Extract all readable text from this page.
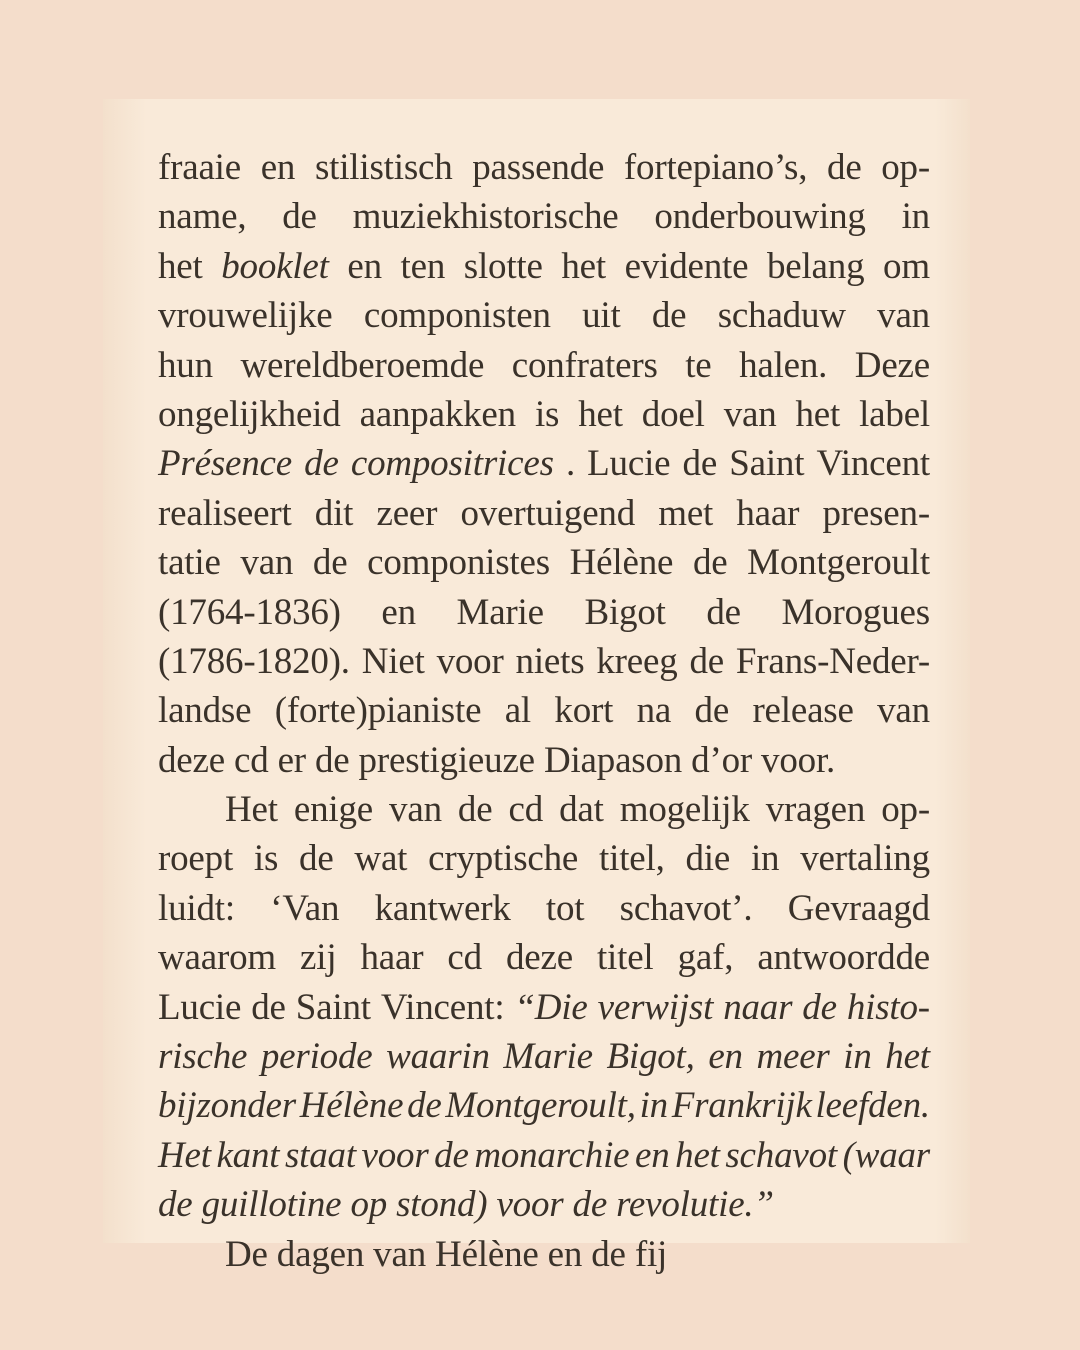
fraaie en stilistisch passende fortepiano’s, de op-
name, de muziekhistorische onderbouwing in
het booklet en ten slotte het evidente belang om
vrouwelijke componisten uit de schaduw van
hun wereldberoemde confraters te halen. Deze
ongelijkheid aanpakken is het doel van het label
Présence de compositrices . Lucie de Saint Vincent
realiseert dit zeer overtuigend met haar presen-
tatie van de componistes Hélène de Montgeroult
(1764-1836) en Marie Bigot de Morogues
(1786-1820). Niet voor niets kreeg de Frans-Neder-
landse (forte)pianiste al kort na de release van
deze cd er de prestigieuze Diapason d’or voor.
Het enige van de cd dat mogelijk vragen op-
roept is de wat cryptische titel, die in vertaling
luidt: ‘Van kantwerk tot schavot’. Gevraagd
waarom zij haar cd deze titel gaf, antwoordde
Lucie de Saint Vincent: “Die verwijst naar de histo-
rische periode waarin Marie Bigot, en meer in het
bijzonder Hélène de Montgeroult, in Frankrijk leefden.
Het kant staat voor de monarchie en het schavot (waar
de guillotine op stond) voor de revolutie.”
De dagen van Hélène en de fij
